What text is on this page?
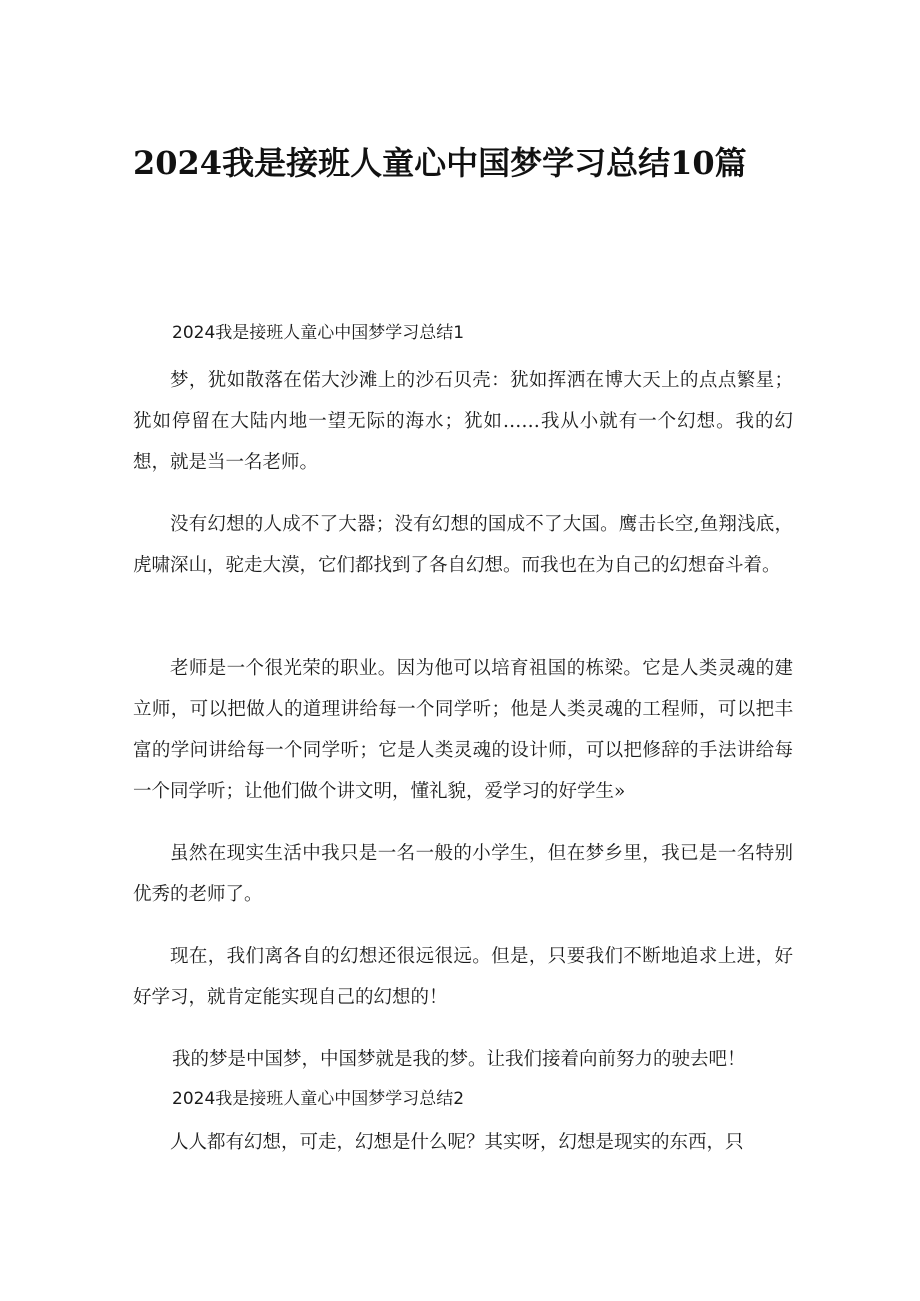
2024我是接班人童心中国梦学习总结10篇

2024我是接班人童心中国梦学习总结1

梦，犹如散落在偌大沙滩上的沙石贝壳：犹如挥洒在博大天上的点点繁星；犹如停留在大陆内地一望无际的海水；犹如……我从小就有一个幻想。我的幻想，就是当一名老师。

没有幻想的人成不了大器；没有幻想的国成不了大国。鹰击长空,鱼翔浅底，虎啸深山，驼走大漠，它们都找到了各自幻想。而我也在为自己的幻想奋斗着。

老师是一个很光荣的职业。因为他可以培育祖国的栋梁。它是人类灵魂的建立师，可以把做人的道理讲给每一个同学听；他是人类灵魂的工程师，可以把丰富的学问讲给每一个同学听；它是人类灵魂的设计师，可以把修辞的手法讲给每一个同学听；让他们做个讲文明，懂礼貌，爱学习的好学生»

虽然在现实生活中我只是一名一般的小学生，但在梦乡里，我已是一名特别优秀的老师了。

现在，我们离各自的幻想还很远很远。但是，只要我们不断地追求上进，好好学习，就肯定能实现自己的幻想的！

我的梦是中国梦，中国梦就是我的梦。让我们接着向前努力的驶去吧！

2024我是接班人童心中国梦学习总结2

人人都有幻想，可走，幻想是什么呢？其实呀，幻想是现实的东西，只
